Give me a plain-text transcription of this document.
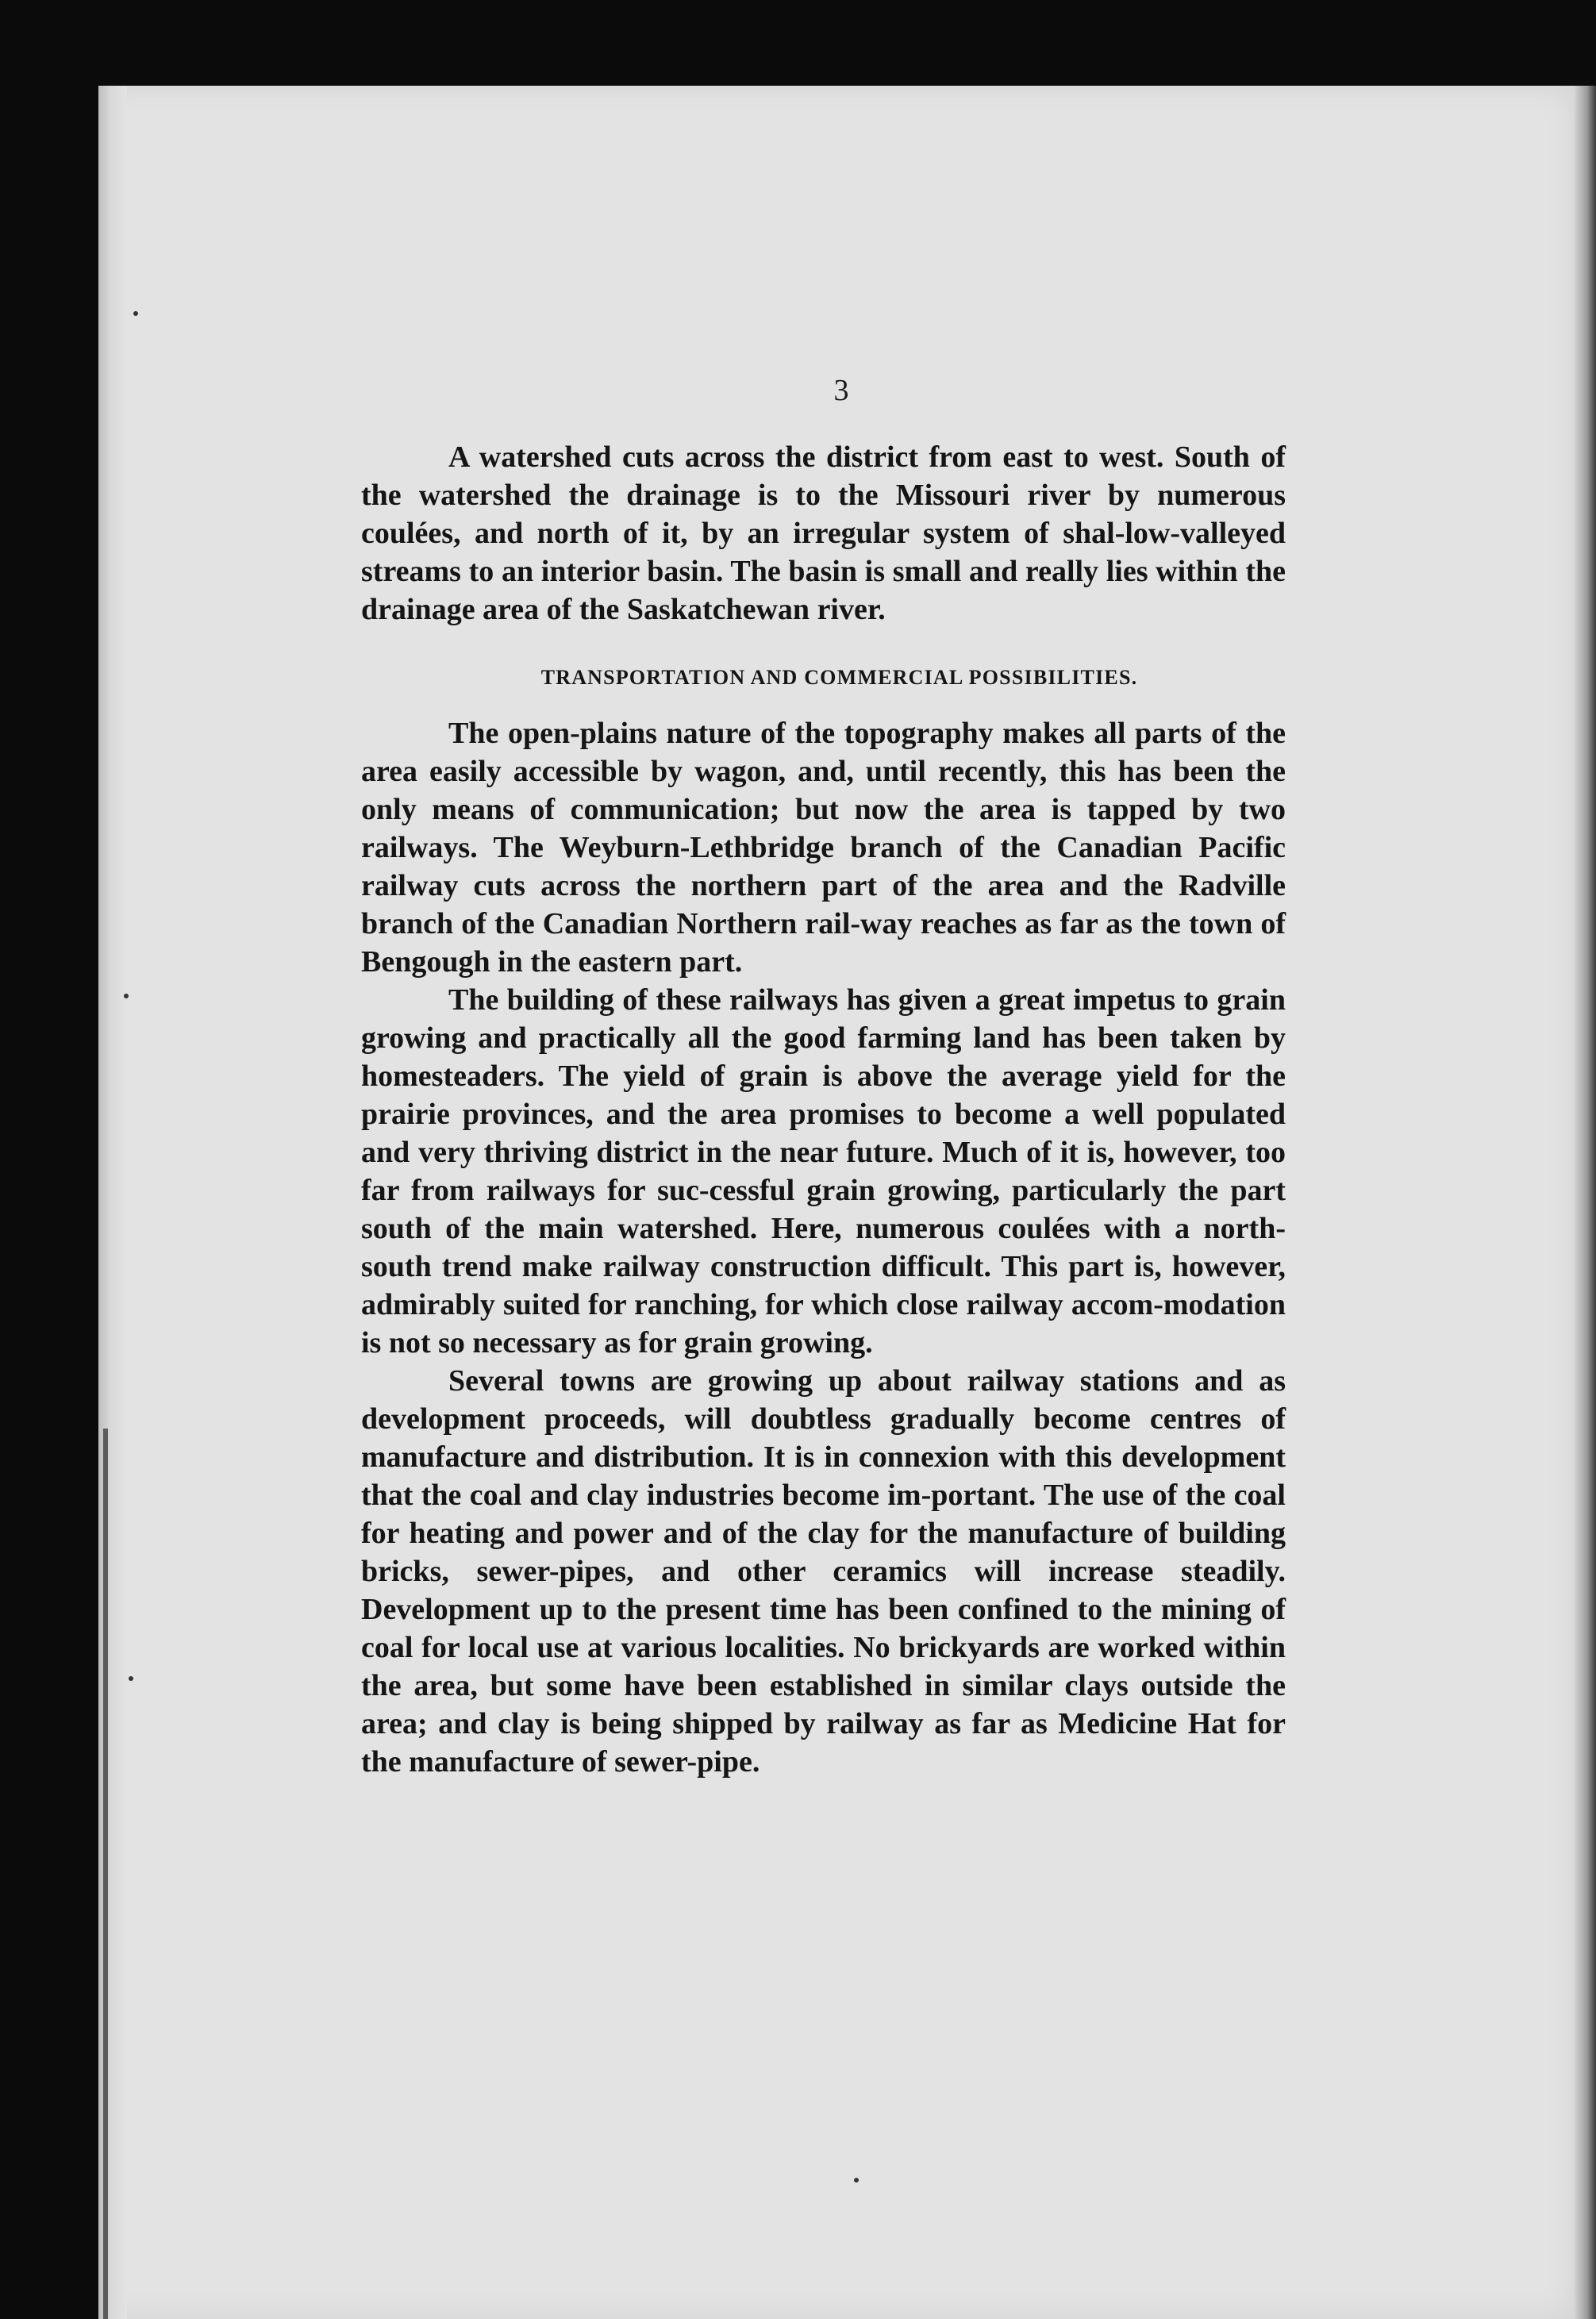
3

A watershed cuts across the district from east to west. South of the watershed the drainage is to the Missouri river by numerous coulées, and north of it, by an irregular system of shal-low-valleyed streams to an interior basin. The basin is small and really lies within the drainage area of the Saskatchewan river.

TRANSPORTATION AND COMMERCIAL POSSIBILITIES.

The open-plains nature of the topography makes all parts of the area easily accessible by wagon, and, until recently, this has been the only means of communication; but now the area is tapped by two railways. The Weyburn-Lethbridge branch of the Canadian Pacific railway cuts across the northern part of the area and the Radville branch of the Canadian Northern rail-way reaches as far as the town of Bengough in the eastern part.

The building of these railways has given a great impetus to grain growing and practically all the good farming land has been taken by homesteaders. The yield of grain is above the average yield for the prairie provinces, and the area promises to become a well populated and very thriving district in the near future. Much of it is, however, too far from railways for suc-cessful grain growing, particularly the part south of the main watershed. Here, numerous coulées with a north-south trend make railway construction difficult. This part is, however, admirably suited for ranching, for which close railway accom-modation is not so necessary as for grain growing.

Several towns are growing up about railway stations and as development proceeds, will doubtless gradually become centres of manufacture and distribution. It is in connexion with this development that the coal and clay industries become im-portant. The use of the coal for heating and power and of the clay for the manufacture of building bricks, sewer-pipes, and other ceramics will increase steadily. Development up to the present time has been confined to the mining of coal for local use at various localities. No brickyards are worked within the area, but some have been established in similar clays outside the area; and clay is being shipped by railway as far as Medicine Hat for the manufacture of sewer-pipe.
